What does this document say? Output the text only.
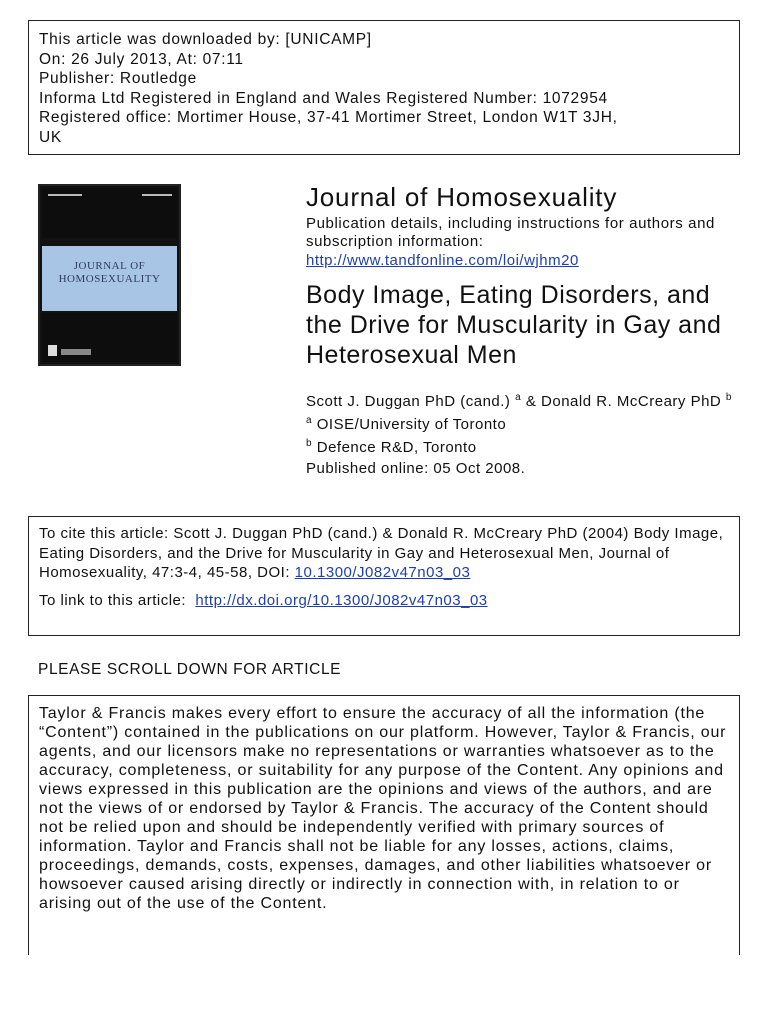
This article was downloaded by: [UNICAMP]
On: 26 July 2013, At: 07:11
Publisher: Routledge
Informa Ltd Registered in England and Wales Registered Number: 1072954
Registered office: Mortimer House, 37-41 Mortimer Street, London W1T 3JH,
UK
JOURNAL OF
HOMOSEXUALITY
Journal of Homosexuality
Publication details, including instructions for authors and subscription information:
http://www.tandfonline.com/loi/wjhm20
Body Image, Eating Disorders, and the Drive for Muscularity in Gay and Heterosexual Men
Scott J. Duggan PhD (cand.) $^a$ & Donald R. McCreary PhD $^b$
$^a$ OISE/University of Toronto
$^b$ Defence R&D, Toronto
Published online: 05 Oct 2008.
To cite this article: Scott J. Duggan PhD (cand.) & Donald R. McCreary PhD (2004) Body Image, Eating Disorders, and the Drive for Muscularity in Gay and Heterosexual Men, Journal of Homosexuality, 47:3-4, 45-58, DOI: 10.1300/J082v47n03_03
To link to this article: http://dx.doi.org/10.1300/J082v47n03_03
PLEASE SCROLL DOWN FOR ARTICLE
Taylor & Francis makes every effort to ensure the accuracy of all the information (the “Content”) contained in the publications on our platform. However, Taylor & Francis, our agents, and our licensors make no representations or warranties whatsoever as to the accuracy, completeness, or suitability for any purpose of the Content. Any opinions and views expressed in this publication are the opinions and views of the authors, and are not the views of or endorsed by Taylor & Francis. The accuracy of the Content should not be relied upon and should be independently verified with primary sources of information. Taylor and Francis shall not be liable for any losses, actions, claims, proceedings, demands, costs, expenses, damages, and other liabilities whatsoever or howsoever caused arising directly or indirectly in connection with, in relation to or arising out of the use of the Content.
